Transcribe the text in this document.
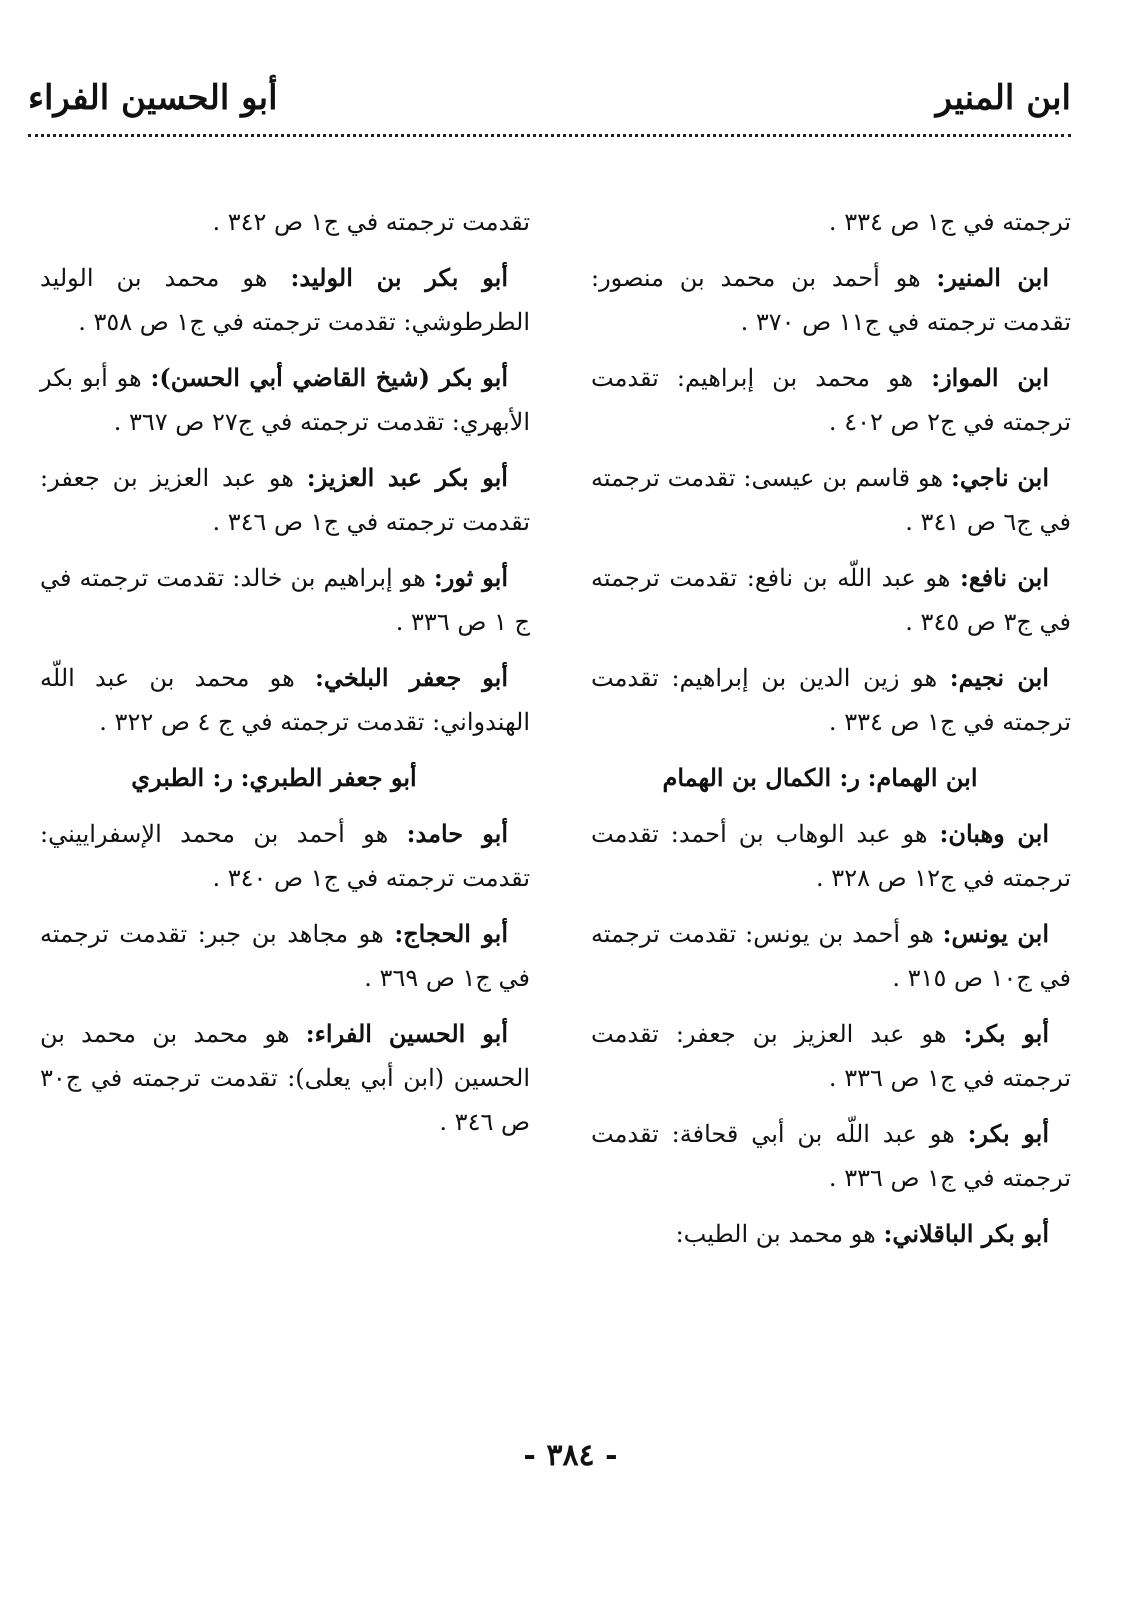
ابن المنير
أبو الحسين الفراء

ترجمته في ج١ ص ٣٣٤ .

ابن المنير: هو أحمد بن محمد بن منصور: تقدمت ترجمته في ج١١ ص ٣٧٠ .

ابن المواز: هو محمد بن إبراهيم: تقدمت ترجمته في ج٢ ص ٤٠٢ .

ابن ناجي: هو قاسم بن عيسى: تقدمت ترجمته في ج٦ ص ٣٤١ .

ابن نافع: هو عبد اللّه بن نافع: تقدمت ترجمته في ج٣ ص ٣٤٥ .

ابن نجيم: هو زين الدين بن إبراهيم: تقدمت ترجمته في ج١ ص ٣٣٤ .

ابن الهمام: ر: الكمال بن الهمام

ابن وهبان: هو عبد الوهاب بن أحمد: تقدمت ترجمته في ج١٢ ص ٣٢٨ .

ابن يونس: هو أحمد بن يونس: تقدمت ترجمته في ج١٠ ص ٣١٥ .

أبو بكر: هو عبد العزيز بن جعفر: تقدمت ترجمته في ج١ ص ٣٣٦ .

أبو بكر: هو عبد اللّه بن أبي قحافة: تقدمت ترجمته في ج١ ص ٣٣٦ .

أبو بكر الباقلاني: هو محمد بن الطيب:

تقدمت ترجمته في ج١ ص ٣٤٢ .

أبو بكر بن الوليد: هو محمد بن الوليد الطرطوشي: تقدمت ترجمته في ج١ ص ٣٥٨ .

أبو بكر (شيخ القاضي أبي الحسن): هو أبو بكر الأبهري: تقدمت ترجمته في ج٢٧ ص ٣٦٧ .

أبو بكر عبد العزيز: هو عبد العزيز بن جعفر: تقدمت ترجمته في ج١ ص ٣٤٦ .

أبو ثور: هو إبراهيم بن خالد: تقدمت ترجمته في ج ١ ص ٣٣٦ .

أبو جعفر البلخي: هو محمد بن عبد اللّه الهندواني: تقدمت ترجمته في ج ٤ ص ٣٢٢ .

أبو جعفر الطبري: ر: الطبري

أبو حامد: هو أحمد بن محمد الإسفراييني: تقدمت ترجمته في ج١ ص ٣٤٠ .

أبو الحجاج: هو مجاهد بن جبر: تقدمت ترجمته في ج١ ص ٣٦٩ .

أبو الحسين الفراء: هو محمد بن محمد بن الحسين (ابن أبي يعلى): تقدمت ترجمته في ج٣٠ ص ٣٤٦ .

- ٣٨٤ -
